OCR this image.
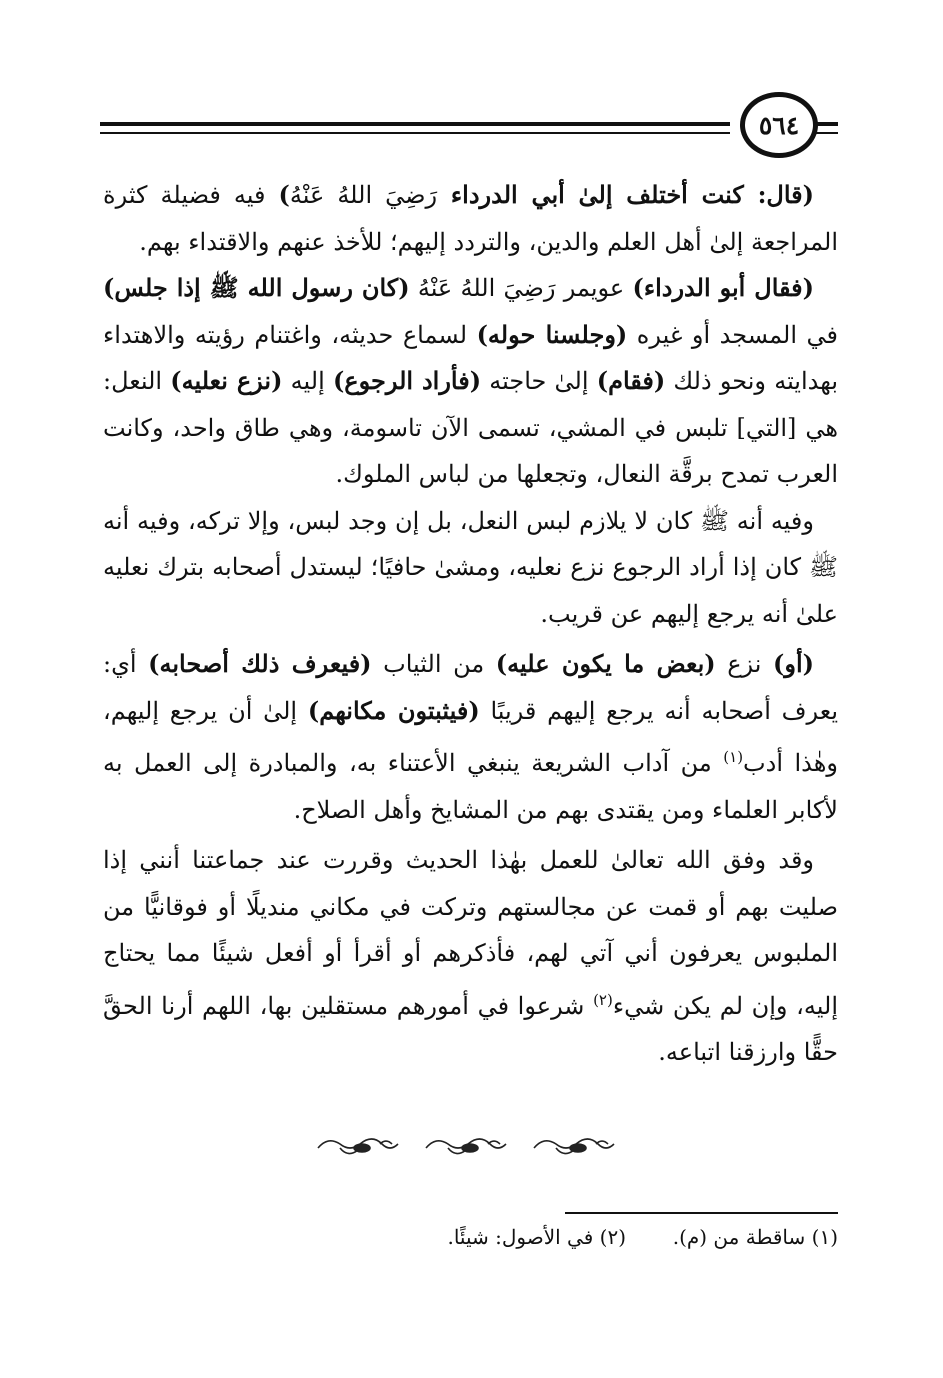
٥٦٤

(قال: كنت أختلف إلىٰ أبي الدرداء رَضِيَ اللهُ عَنْهُ) فيه فضيلة كثرة المراجعة إلىٰ أهل العلم والدين، والتردد إليهم؛ للأخذ عنهم والاقتداء بهم.

(فقال أبو الدرداء) عويمر رَضِيَ اللهُ عَنْهُ (كان رسول الله ﷺ إذا جلس) في المسجد أو غيره (وجلسنا حوله) لسماع حديثه، واغتنام رؤيته والاهتداء بهدايته ونحو ذلك (فقام) إلىٰ حاجته (فأراد الرجوع) إليه (نزع نعليه) النعل: هي [التي] تلبس في المشي، تسمى الآن تاسومة، وهي طاق واحد، وكانت العرب تمدح برقَّة النعال، وتجعلها من لباس الملوك.

وفيه أنه ﷺ كان لا يلازم لبس النعل، بل إن وجد لبس، وإلا تركه، وفيه أنه ﷺ كان إذا أراد الرجوع نزع نعليه، ومشىٰ حافيًا؛ ليستدل أصحابه بترك نعليه علىٰ أنه يرجع إليهم عن قريب.

(أو) نزع (بعض ما يكون عليه) من الثياب (فيعرف ذلك أصحابه) أي: يعرف أصحابه أنه يرجع إليهم قريبًا (فيثبتون مكانهم) إلىٰ أن يرجع إليهم، وهٰذا أدب$^{(١)}$ من آداب الشريعة ينبغي الأعتناء به، والمبادرة إلى العمل به لأكابر العلماء ومن يقتدى بهم من المشايخ وأهل الصلاح.

وقد وفق الله تعالىٰ للعمل بهٰذا الحديث وقررت عند جماعتنا أنني إذا صليت بهم أو قمت عن مجالستهم وتركت في مكاني منديلًا أو فوقانيًّا من الملبوس يعرفون أني آتي لهم، فأذكرهم أو أقرأ أو أفعل شيئًا مما يحتاج إليه، وإن لم يكن شيء$^{(٢)}$ شرعوا في أمورهم مستقلين بها، اللهم أرنا الحقَّ حقًّا وارزقنا اتباعه.

(١) ساقطة من (م).
(٢) في الأصول: شيئًا.
